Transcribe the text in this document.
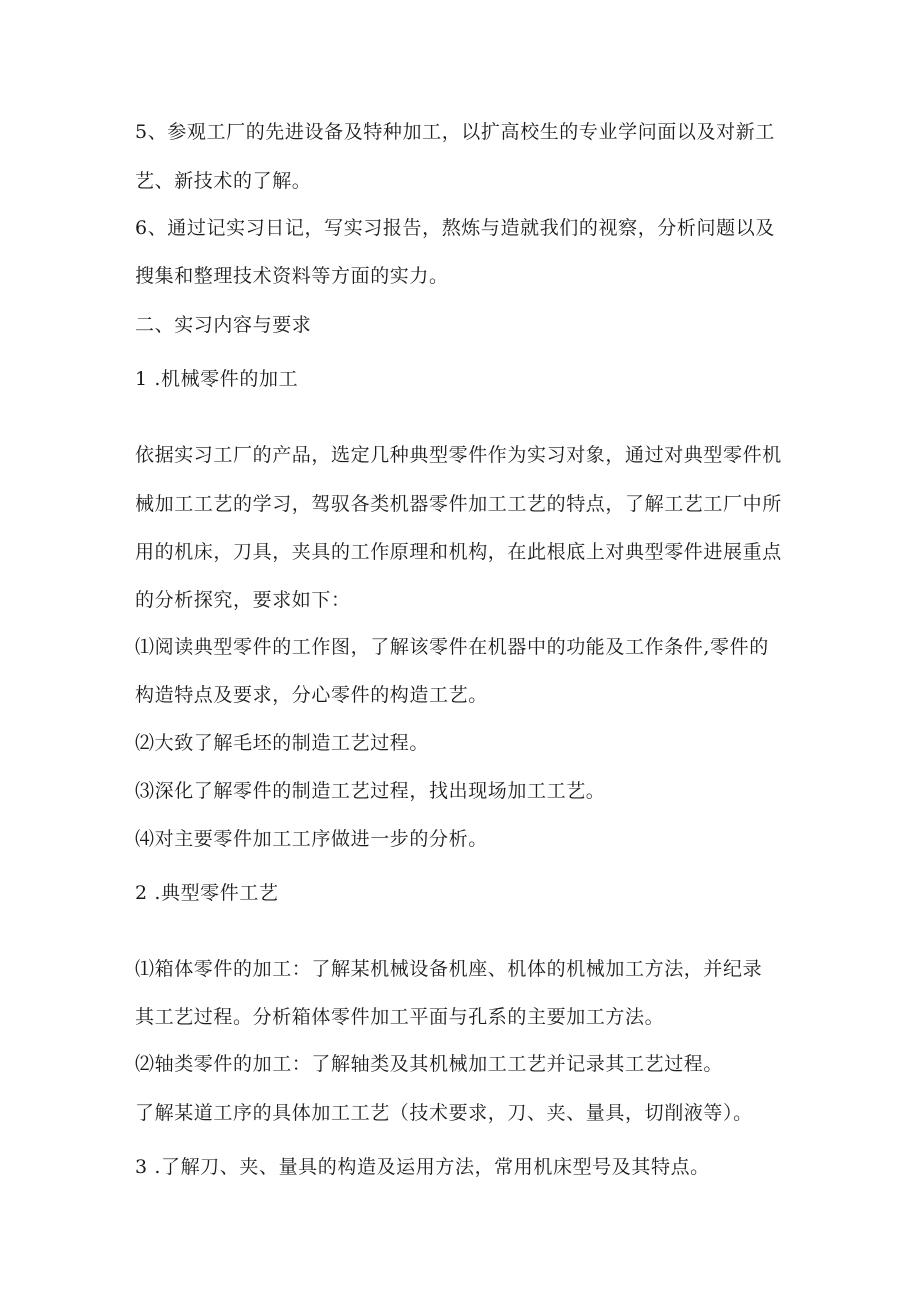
5、参观工厂的先进设备及特种加工，以扩高校生的专业学问面以及对新工
艺、新技术的了解。
6、通过记实习日记，写实习报告，熬炼与造就我们的视察，分析问题以及
搜集和整理技术资料等方面的实力。
二、实习内容与要求
1 .机械零件的加工
依据实习工厂的产品，选定几种典型零件作为实习对象，通过对典型零件机
械加工工艺的学习，驾驭各类机器零件加工工艺的特点，了解工艺工厂中所
用的机床，刀具，夹具的工作原理和机构，在此根底上对典型零件进展重点
的分析探究，要求如下：
⑴阅读典型零件的工作图，了解该零件在机器中的功能及工作条件,零件的
构造特点及要求，分心零件的构造工艺。
⑵大致了解毛坯的制造工艺过程。
⑶深化了解零件的制造工艺过程，找出现场加工工艺。
⑷对主要零件加工工序做进一步的分析。
2 .典型零件工艺
⑴箱体零件的加工：了解某机械设备机座、机体的机械加工方法，并纪录
其工艺过程。分析箱体零件加工平面与孔系的主要加工方法。
⑵轴类零件的加工：了解轴类及其机械加工工艺并记录其工艺过程。
了解某道工序的具体加工工艺（技术要求，刀、夹、量具，切削液等）。
3 .了解刀、夹、量具的构造及运用方法，常用机床型号及其特点。
